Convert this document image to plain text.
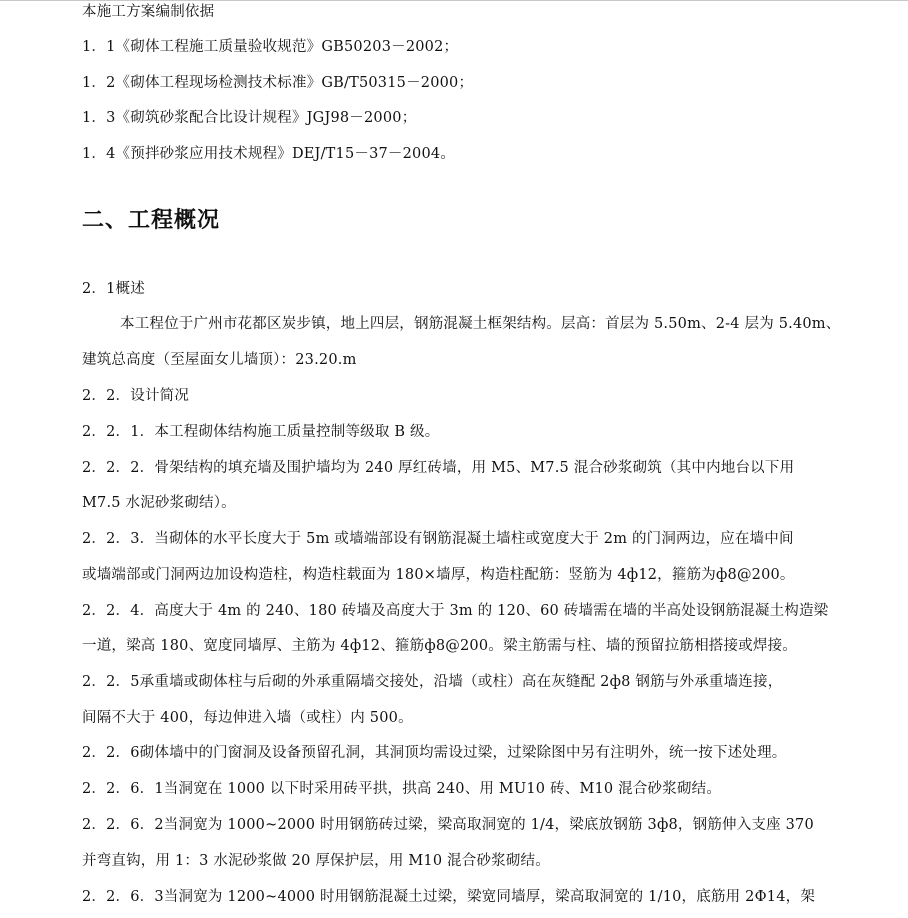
本施工方案编制依据
1．1《砌体工程施工质量验收规范》GB50203－2002；
1．2《砌体工程现场检测技术标准》GB/T50315－2000；
1．3《砌筑砂浆配合比设计规程》JGJ98－2000；
1．4《预拌砂浆应用技术规程》DEJ/T15－37－2004。
二、工程概况
2．1概述
本工程位于广州市花都区炭步镇，地上四层，钢筋混凝土框架结构。层高：首层为 5.50m、2-4 层为 5.40m、
建筑总高度（至屋面女儿墙顶）：23.20.m
2．2．设计简况
2．2．1．本工程砌体结构施工质量控制等级取 B 级。
2．2．2．骨架结构的填充墙及围护墙均为 240 厚红砖墙，用 M5、M7.5 混合砂浆砌筑（其中内地台以下用
M7.5 水泥砂浆砌结）。
2．2．3．当砌体的水平长度大于 5m 或墙端部设有钢筋混凝土墙柱或宽度大于 2m 的门洞两边，应在墙中间
或墙端部或门洞两边加设构造柱，构造柱载面为 180×墙厚，构造柱配筋：竖筋为 4ф12，箍筋为ф8@200。
2．2．4．高度大于 4m 的 240、180 砖墙及高度大于 3m 的 120、60 砖墙需在墙的半高处设钢筋混凝土构造梁
一道，梁高 180、宽度同墙厚、主筋为 4ф12、箍筋ф8@200。梁主筋需与柱、墙的预留拉筋相搭接或焊接。
2．2．5承重墙或砌体柱与后砌的外承重隔墙交接处，沿墙（或柱）高在灰缝配 2ф8 钢筋与外承重墙连接，
间隔不大于 400，每边伸进入墙（或柱）内 500。
2．2．6砌体墙中的门窗洞及设备预留孔洞，其洞顶均需设过梁，过梁除图中另有注明外，统一按下述处理。
2．2．6．1当洞宽在 1000 以下时采用砖平拱，拱高 240、用 MU10 砖、M10 混合砂浆砌结。
2．2．6．2当洞宽为 1000~2000 时用钢筋砖过梁，梁高取洞宽的 1/4，梁底放钢筋 3ф8，钢筋伸入支座 370
并弯直钩，用 1：3 水泥砂浆做 20 厚保护层，用 M10 混合砂浆砌结。
2．2．6．3当洞宽为 1200~4000 时用钢筋混凝土过梁，梁宽同墙厚，梁高取洞宽的 1/10，底筋用 2Ф14，架
